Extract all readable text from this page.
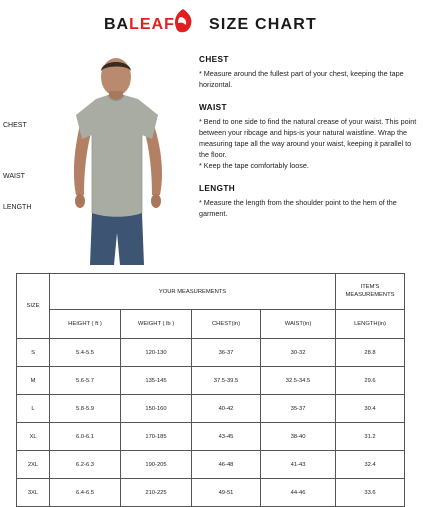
BALEAF SIZE CHART
CHEST
WAIST
LENGTH
CHEST
* Measure around the fullest part of your chest, keeping the tape horizontal.
WAIST
* Bend to one side to find the natural crease of your waist. This point between your ribcage and hips-is your natural waistline. Wrap the measuring tape all the way around your waist, keeping it parallel to the floor.
* Keep the tape comfortably loose.
LENGTH
* Measure the length from the shoulder point to the hem of the garment.
SIZE	YOUR MEASUREMENTS				ITEM'S MEASUREMENTS
	HEIGHT ( ft )	WEIGHT ( lb )	CHEST(in)	WAIST(in)	LENGTH(in)
S	5.4-5.5	120-130	36-37	30-32	28.8
M	5.6-5.7	135-145	37.5-39.5	32.5-34.5	29.6
L	5.8-5.9	150-160	40-42	35-37	30.4
XL	6.0-6.1	170-185	43-45	38-40	31.2
2XL	6.2-6.3	190-205	46-48	41-43	32.4
3XL	6.4-6.5	210-225	49-51	44-46	33.6
